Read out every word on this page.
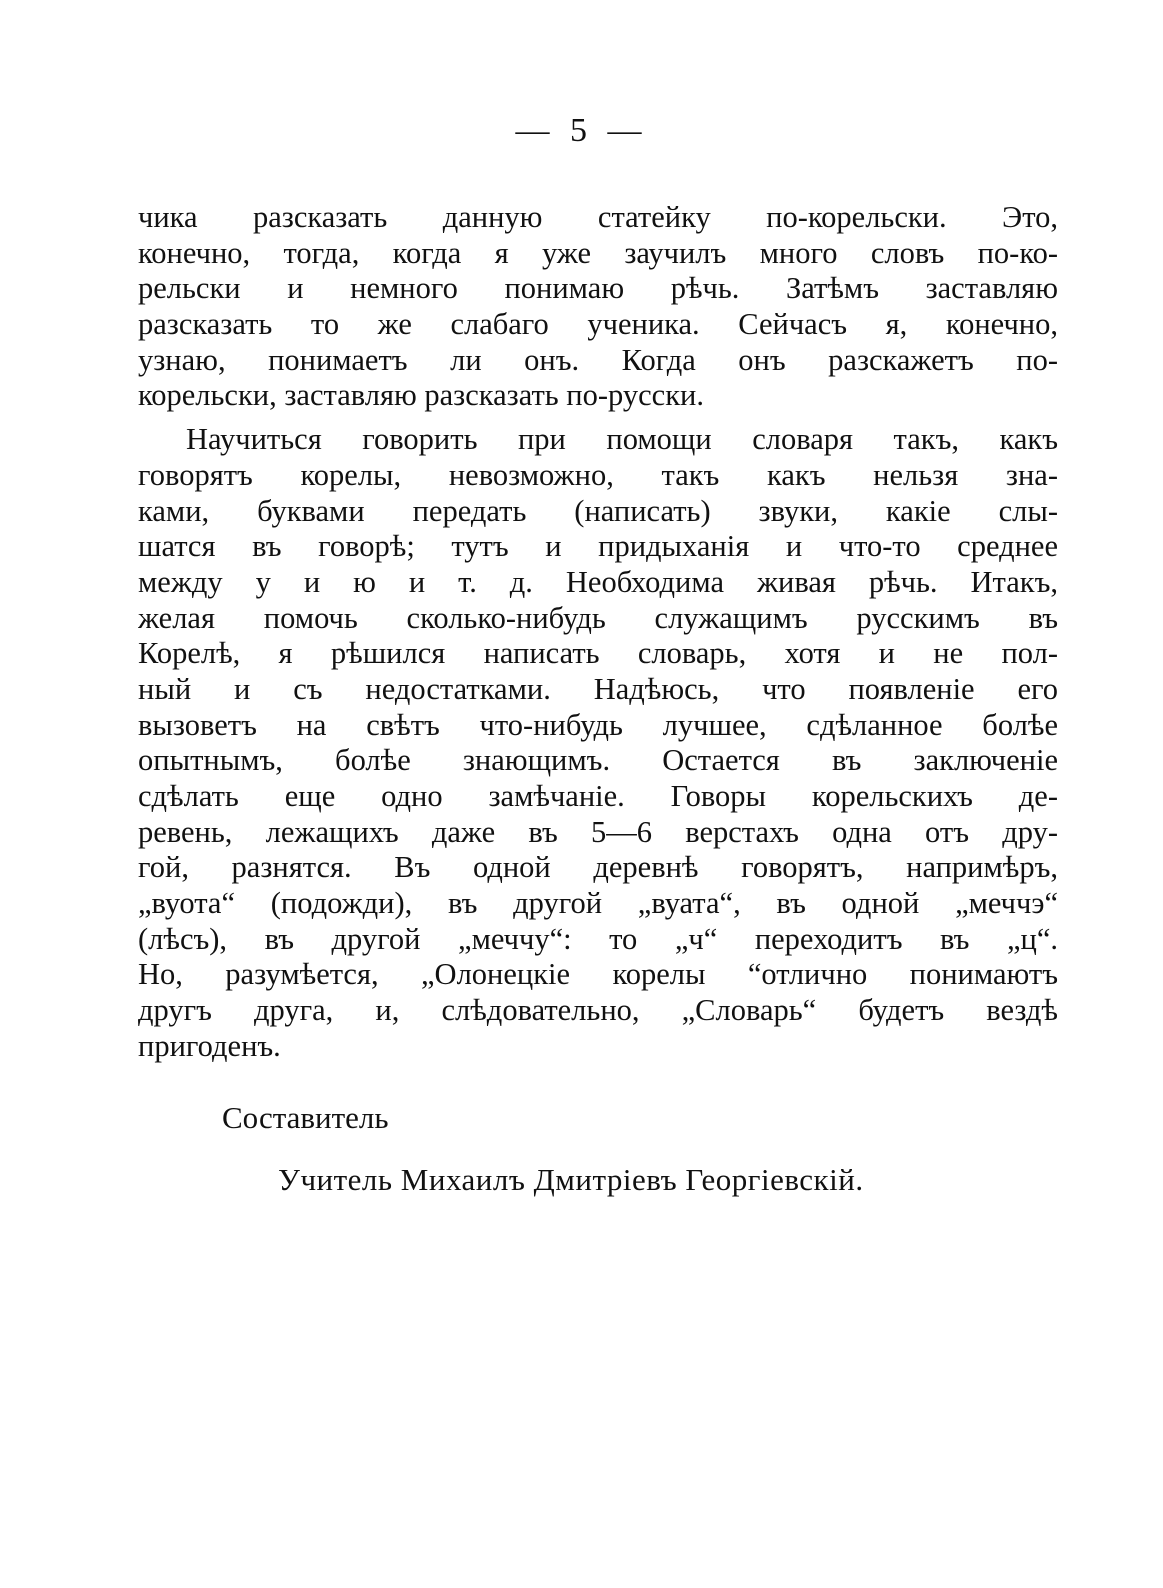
— 5 —
чика разсказать данную статейку по-корельски. Это,
конечно, тогда, когда я уже заучилъ много словъ по-ко-
рельски и немного понимаю рѣчь. Затѣмъ заставляю
разсказать то же слабаго ученика. Сейчасъ я, конечно,
узнаю, понимаетъ ли онъ. Когда онъ разскажетъ по-
корельски, заставляю разсказать по-русски.
Научиться говорить при помощи словаря такъ, какъ
говорятъ корелы, невозможно, такъ какъ нельзя зна-
ками, буквами передать (написать) звуки, какіе слы-
шатся въ говорѣ; тутъ и придыханія и что-то среднее
между у и ю и т. д. Необходима живая рѣчь. Итакъ,
желая помочь сколько-нибудь служащимъ русскимъ въ
Корелѣ, я рѣшился написать словарь, хотя и не пол-
ный и съ недостатками. Надѣюсь, что появленіе его
вызоветъ на свѣтъ что-нибудь лучшее, сдѣланное болѣе
опытнымъ, болѣе знающимъ. Остается въ заключеніе
сдѣлать еще одно замѣчаніе. Говоры корельскихъ де-
ревень, лежащихъ даже въ 5—6 верстахъ одна отъ дру-
гой, разнятся. Въ одной деревнѣ говорятъ, напримѣръ,
„вуота“ (подожди), въ другой „вуата“, въ одной „меччэ“
(лѣсъ), въ другой „меччу“: то „ч“ переходитъ въ „ц“.
Но, разумѣется, „Олонецкіе корелы “отлично понимаютъ
другъ друга, и, слѣдовательно, „Словарь“ будетъ вездѣ
пригоденъ.
Составитель
Учитель Михаилъ Дмитріевъ Георгіевскій.
